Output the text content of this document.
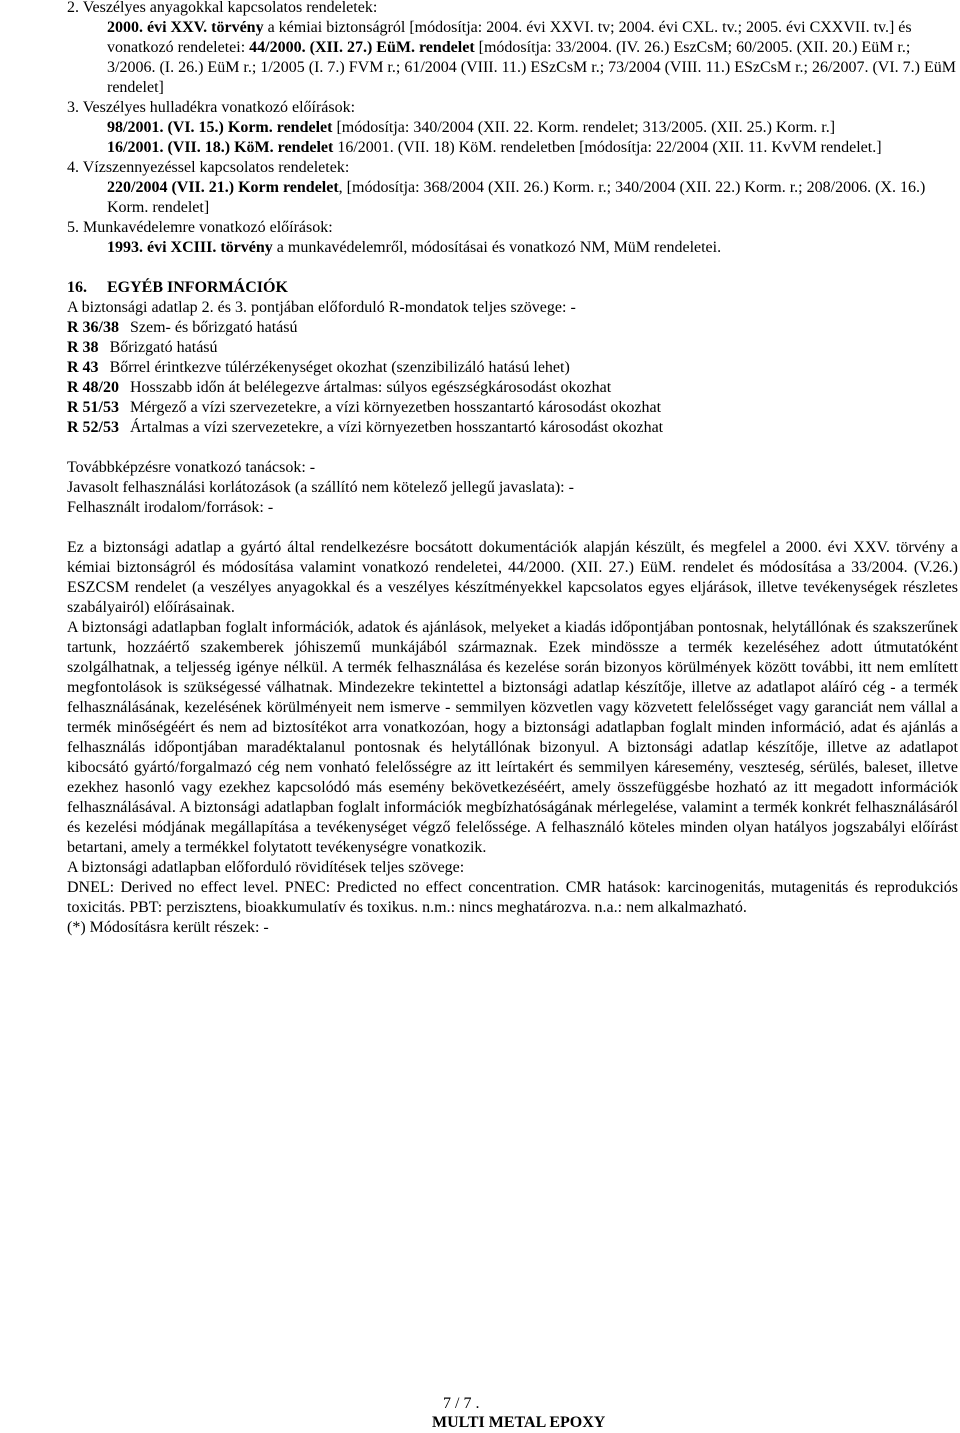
2. Veszélyes anyagokkal kapcsolatos rendeletek:

2000. évi XXV. törvény a kémiai biztonságról [módosítja: 2004. évi XXVI. tv; 2004. évi CXL. tv.; 2005. évi CXXVII. tv.] és vonatkozó rendeletei: 44/2000. (XII. 27.) EüM. rendelet [módosítja: 33/2004. (IV. 26.) EszCsM; 60/2005. (XII. 20.) EüM r.; 3/2006. (I. 26.) EüM r.; 1/2005 (I. 7.) FVM r.; 61/2004 (VIII. 11.) ESzCsM r.; 73/2004 (VIII. 11.) ESzCsM r.; 26/2007. (VI. 7.) EüM rendelet]

3. Veszélyes hulladékra vonatkozó előírások:

98/2001. (VI. 15.) Korm. rendelet [módosítja: 340/2004 (XII. 22. Korm. rendelet; 313/2005. (XII. 25.) Korm. r.]

16/2001. (VII. 18.) KöM. rendelet 16/2001. (VII. 18) KöM. rendeletben [módosítja: 22/2004 (XII. 11. KvVM rendelet.]

4. Vízszennyezéssel kapcsolatos rendeletek:

220/2004 (VII. 21.) Korm rendelet, [módosítja: 368/2004 (XII. 26.) Korm. r.; 340/2004 (XII. 22.) Korm. r.; 208/2006. (X. 16.) Korm. rendelet]

5. Munkavédelemre vonatkozó előírások:

1993. évi XCIII. törvény a munkavédelemről, módosításai és vonatkozó NM, MüM rendeletei.

16. EGYÉB INFORMÁCIÓK

A biztonsági adatlap 2. és 3. pontjában előforduló R-mondatok teljes szövege: -

R 36/38 Szem- és bőrizgató hatású

R 38 Bőrizgató hatású

R 43 Bőrrel érintkezve túlérzékenységet okozhat (szenzibilizáló hatású lehet)

R 48/20 Hosszabb időn át belélegezve ártalmas: súlyos egészségkárosodást okozhat

R 51/53 Mérgező a vízi szervezetekre, a vízi környezetben hosszantartó károsodást okozhat

R 52/53 Ártalmas a vízi szervezetekre, a vízi környezetben hosszantartó károsodást okozhat

Továbbképzésre vonatkozó tanácsok: -

Javasolt felhasználási korlátozások (a szállító nem kötelező jellegű javaslata): -

Felhasznált irodalom/források: -

Ez a biztonsági adatlap a gyártó által rendelkezésre bocsátott dokumentációk alapján készült, és megfelel a 2000. évi XXV. törvény a kémiai biztonságról és módosítása valamint vonatkozó rendeletei, 44/2000. (XII. 27.) EüM. rendelet és módosítása a 33/2004. (V.26.) ESZCSM rendelet (a veszélyes anyagokkal és a veszélyes készítményekkel kapcsolatos egyes eljárások, illetve tevékenységek részletes szabályairól) előírásainak.

A biztonsági adatlapban foglalt információk, adatok és ajánlások, melyeket a kiadás időpontjában pontosnak, helytállónak és szakszerűnek tartunk, hozzáértő szakemberek jóhiszemű munkájából származnak. Ezek mindössze a termék kezeléséhez adott útmutatóként szolgálhatnak, a teljesség igénye nélkül. A termék felhasználása és kezelése során bizonyos körülmények között további, itt nem említett megfontolások is szükségessé válhatnak. Mindezekre tekintettel a biztonsági adatlap készítője, illetve az adatlapot aláíró cég - a termék felhasználásának, kezelésének körülményeit nem ismerve - semmilyen közvetlen vagy közvetett felelősséget vagy garanciát nem vállal a termék minőségéért és nem ad biztosítékot arra vonatkozóan, hogy a biztonsági adatlapban foglalt minden információ, adat és ajánlás a felhasználás időpontjában maradéktalanul pontosnak és helytállónak bizonyul. A biztonsági adatlap készítője, illetve az adatlapot kibocsátó gyártó/forgalmazó cég nem vonható felelősségre az itt leírtakért és semmilyen káresemény, veszteség, sérülés, baleset, illetve ezekhez hasonló vagy ezekhez kapcsolódó más esemény bekövetkezéséért, amely összefüggésbe hozható az itt megadott információk felhasználásával. A biztonsági adatlapban foglalt információk megbízhatóságának mérlegelése, valamint a termék konkrét felhasználásáról és kezelési módjának megállapítása a tevékenységet végző felelőssége. A felhasználó köteles minden olyan hatályos jogszabályi előírást betartani, amely a termékkel folytatott tevékenységre vonatkozik.

A biztonsági adatlapban előforduló rövidítések teljes szövege:

DNEL: Derived no effect level. PNEC: Predicted no effect concentration. CMR hatások: karcinogenitás, mutagenitás és reprodukciós toxicitás. PBT: perzisztens, bioakkumulatív és toxikus. n.m.: nincs meghatározva. n.a.: nem alkalmazható.

(*) Módosításra került részek: -

7 / 7 .
MULTI METAL EPOXY
